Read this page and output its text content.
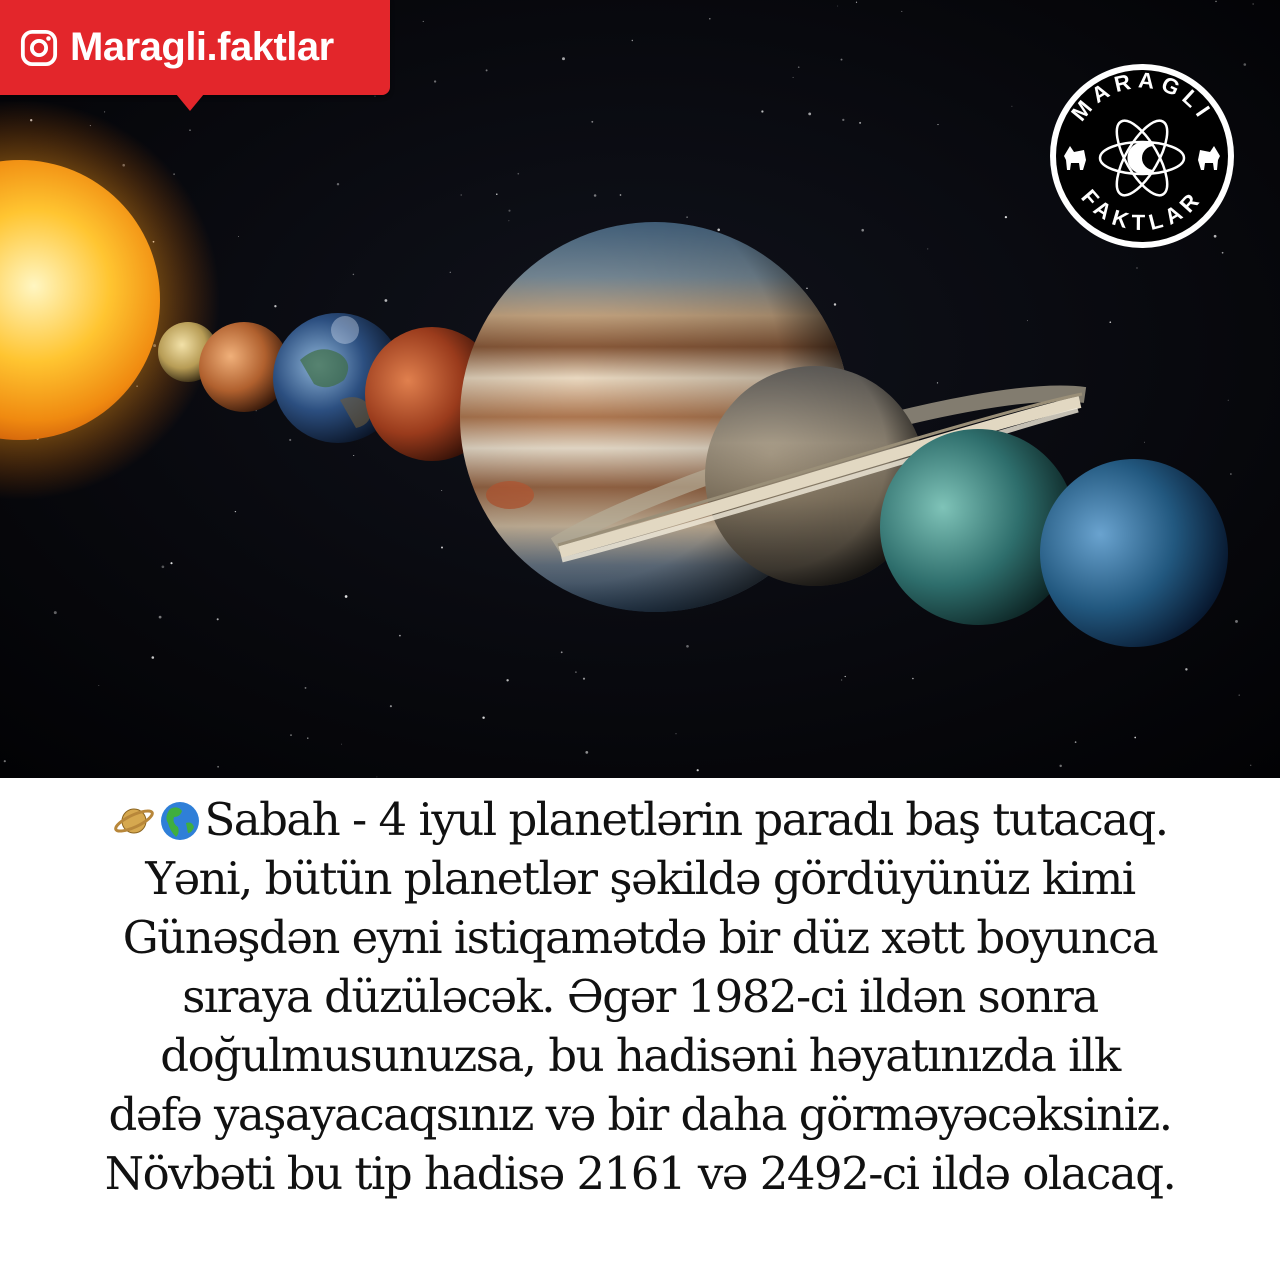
Maragli.faktlar
MARAGLI
FAKTLAR
Sabah - 4 iyul planetlərin paradı baş tutacaq.
Yəni, bütün planetlər şəkildə gördüyünüz kimi
Günəşdən eyni istiqamətdə bir düz xətt boyunca
sıraya düzüləcək. Əgər 1982-ci ildən sonra
doğulmusunuzsa, bu hadisəni həyatınızda ilk
dəfə yaşayacaqsınız və bir daha görməyəcəksiniz.
Növbəti bu tip hadisə 2161 və 2492-ci ildə olacaq.
